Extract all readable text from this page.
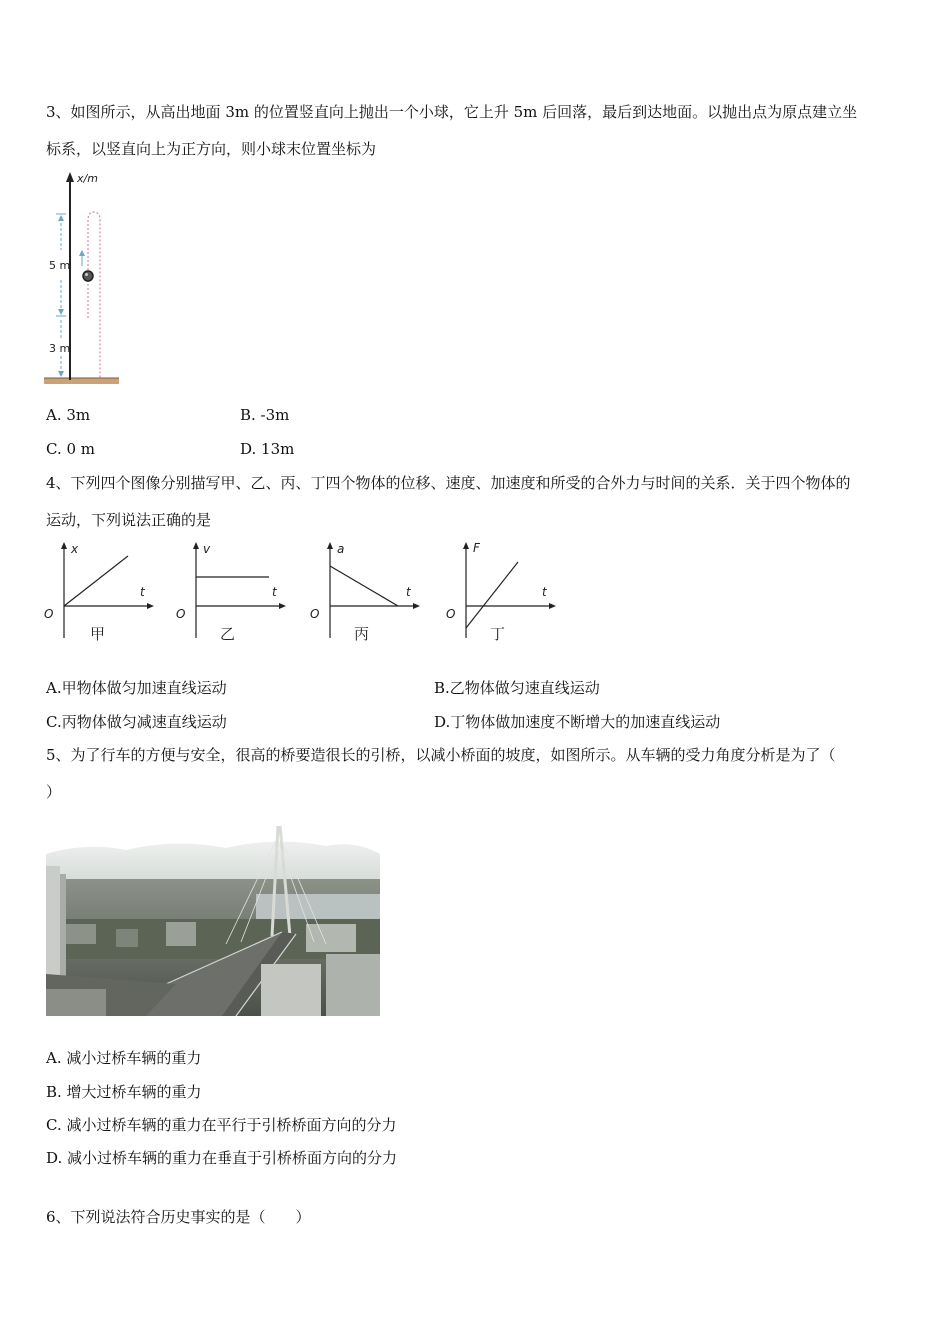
3、如图所示，从高出地面 3m 的位置竖直向上抛出一个小球，它上升 5m 后回落，最后到达地面。以抛出点为原点建立坐
标系，以竖直向上为正方向，则小球末位置坐标为
x/m
5 m
3 m
A. 3m	B. -3m
C. 0 m	D. 13m
4、下列四个图像分别描写甲、乙、丙、丁四个物体的位移、速度、加速度和所受的合外力与时间的关系．关于四个物体的
运动，下列说法正确的是
x
t
O
甲
v
t
O
乙
a
t
O
丙
F
t
O
丁
A.甲物体做匀加速直线运动	B.乙物体做匀速直线运动
C.丙物体做匀减速直线运动	D.丁物体做加速度不断增大的加速直线运动
5、为了行车的方便与安全，很高的桥要造很长的引桥，以减小桥面的坡度，如图所示。从车辆的受力角度分析是为了（
）
A. 减小过桥车辆的重力
B. 增大过桥车辆的重力
C. 减小过桥车辆的重力在平行于引桥桥面方向的分力
D. 减小过桥车辆的重力在垂直于引桥桥面方向的分力
6、下列说法符合历史事实的是（　　）
